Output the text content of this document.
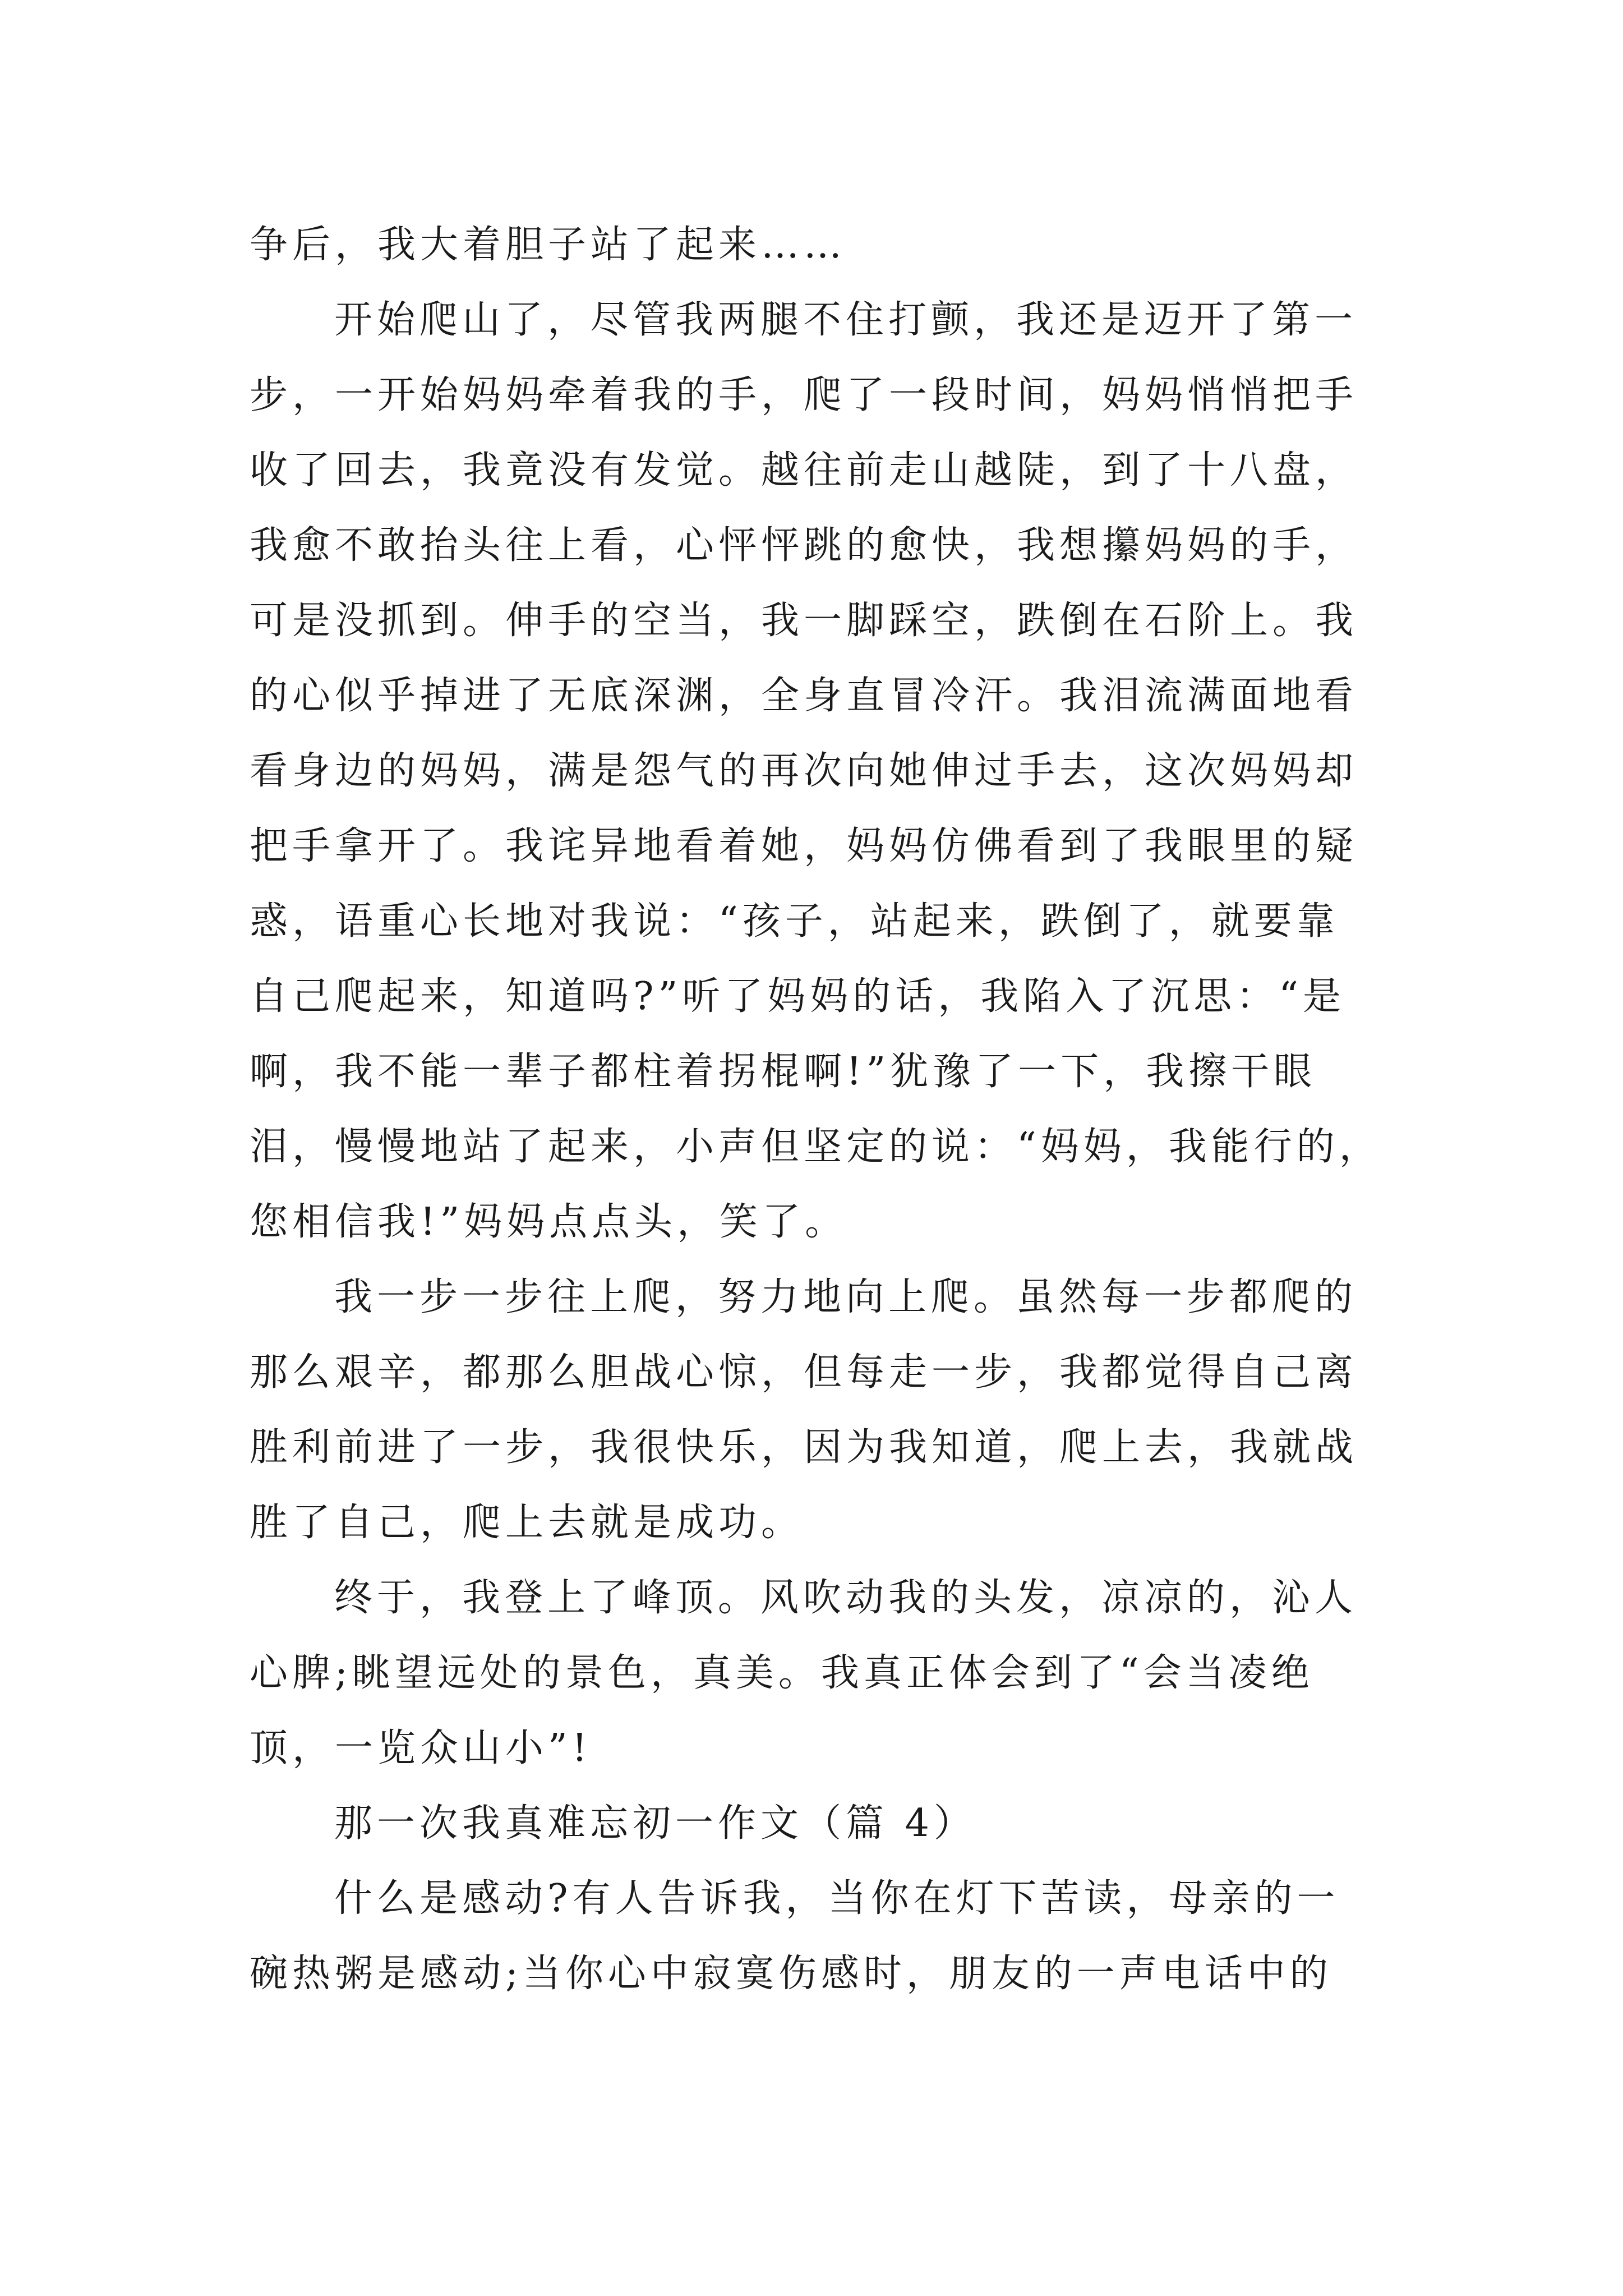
争后，我大着胆子站了起来……
开始爬山了，尽管我两腿不住打颤，我还是迈开了第一
步，一开始妈妈牵着我的手，爬了一段时间，妈妈悄悄把手
收了回去，我竟没有发觉。越往前走山越陡，到了十八盘，
我愈不敢抬头往上看，心怦怦跳的愈快，我想攥妈妈的手，
可是没抓到。伸手的空当，我一脚踩空，跌倒在石阶上。我
的心似乎掉进了无底深渊，全身直冒冷汗。我泪流满面地看
看身边的妈妈，满是怨气的再次向她伸过手去，这次妈妈却
把手拿开了。我诧异地看着她，妈妈仿佛看到了我眼里的疑
惑，语重心长地对我说：“孩子，站起来，跌倒了，就要靠
自己爬起来，知道吗?”听了妈妈的话，我陷入了沉思：“是
啊，我不能一辈子都柱着拐棍啊!”犹豫了一下，我擦干眼
泪，慢慢地站了起来，小声但坚定的说：“妈妈，我能行的，
您相信我!”妈妈点点头，笑了。
我一步一步往上爬，努力地向上爬。虽然每一步都爬的
那么艰辛，都那么胆战心惊，但每走一步，我都觉得自己离
胜利前进了一步，我很快乐，因为我知道，爬上去，我就战
胜了自己，爬上去就是成功。
终于，我登上了峰顶。风吹动我的头发，凉凉的，沁人
心脾;眺望远处的景色，真美。我真正体会到了“会当凌绝
顶，一览众山小”!
那一次我真难忘初一作文（篇 4）
什么是感动?有人告诉我，当你在灯下苦读，母亲的一
碗热粥是感动;当你心中寂寞伤感时，朋友的一声电话中的
